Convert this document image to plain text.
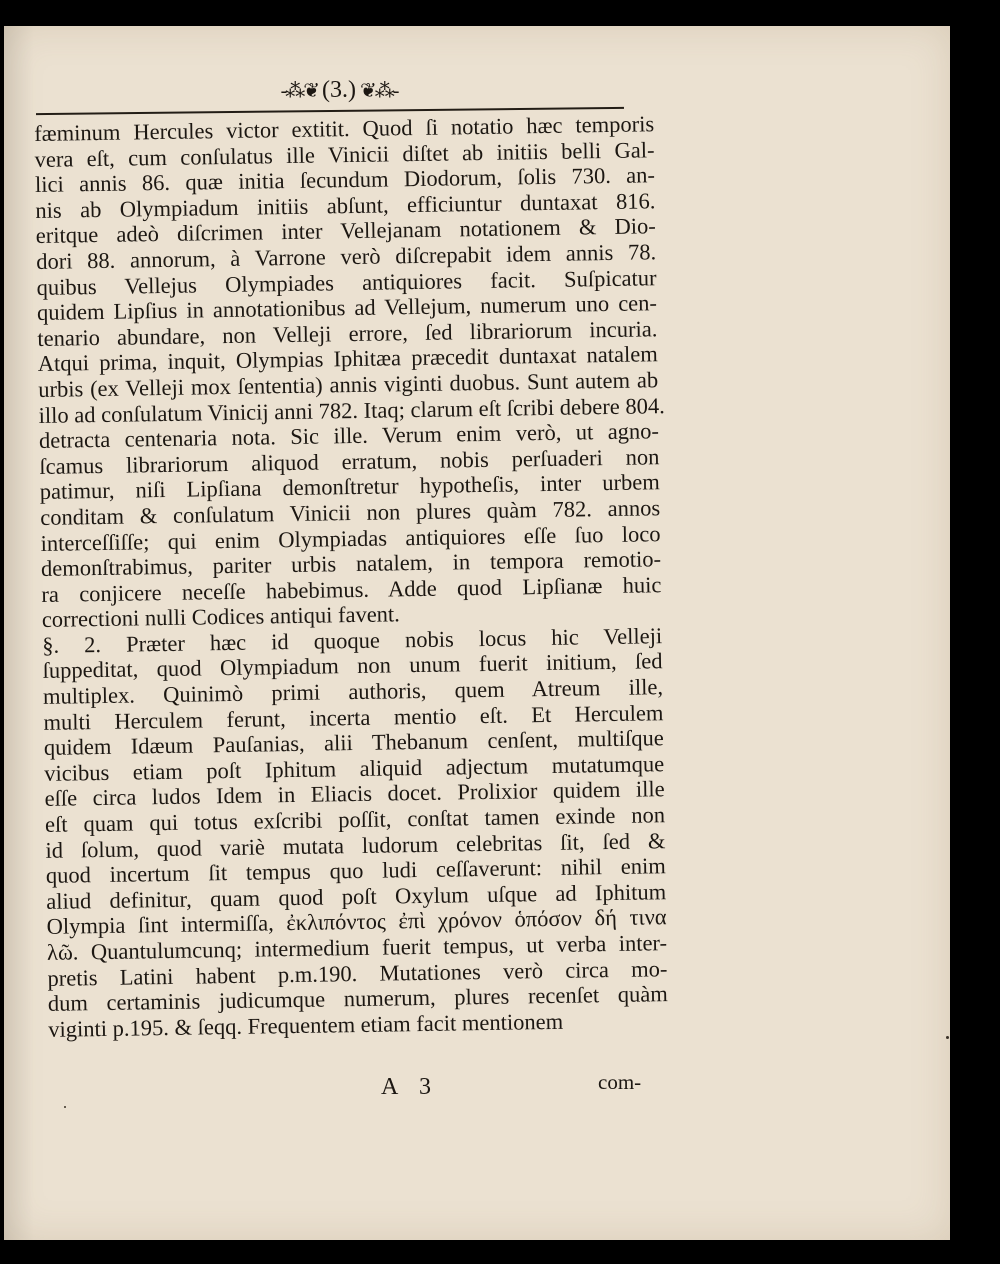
-⁂❦ (3.) ❦⁂-
fæminum Hercules victor extitit. Quod ſi notatio hæc temporis
vera eſt, cum conſulatus ille Vinicii diſtet ab initiis belli Gal-
lici annis 86. quæ initia ſecundum Diodorum, ſolis 730. an-
nis ab Olympiadum initiis abſunt, efficiuntur duntaxat 816.
eritque adeò diſcrimen inter Vellejanam notationem & Dio-
dori 88. annorum, à Varrone verò diſcrepabit idem annis 78.
quibus Vellejus Olympiades antiquiores facit. Suſpicatur
quidem Lipſius in annotationibus ad Vellejum, numerum uno cen-
tenario abundare, non Velleji errore, ſed librariorum incuria.
Atqui prima, inquit, Olympias Iphitæa præcedit duntaxat natalem
urbis (ex Velleji mox ſententia) annis viginti duobus. Sunt autem ab
illo ad conſulatum Vinicij anni 782. Itaq; clarum eſt ſcribi debere 804.
detracta centenaria nota. Sic ille. Verum enim verò, ut agno-
ſcamus librariorum aliquod erratum, nobis perſuaderi non
patimur, niſi Lipſiana demonſtretur hypotheſis, inter urbem
conditam & conſulatum Vinicii non plures quàm 782. annos
interceſſiſſe; qui enim Olympiadas antiquiores eſſe ſuo loco
demonſtrabimus, pariter urbis natalem, in tempora remotio-
ra conjicere neceſſe habebimus. Adde quod Lipſianæ huic
correctioni nulli Codices antiqui favent.
§. 2. Præter hæc id quoque nobis locus hic Velleji
ſuppeditat, quod Olympiadum non unum fuerit initium, ſed
multiplex. Quinimò primi authoris, quem Atreum ille,
multi Herculem ferunt, incerta mentio eſt. Et Herculem
quidem Idæum Pauſanias, alii Thebanum cenſent, multiſque
vicibus etiam poſt Iphitum aliquid adjectum mutatumque
eſſe circa ludos Idem in Eliacis docet. Prolixior quidem ille
eſt quam qui totus exſcribi poſſit, conſtat tamen exinde non
id ſolum, quod variè mutata ludorum celebritas ſit, ſed &
quod incertum ſit tempus quo ludi ceſſaverunt: nihil enim
aliud definitur, quam quod poſt Oxylum uſque ad Iphitum
Olympia ſint intermiſſa, ἐκλιπόντος ἐπὶ χρόνον ὁπόσον δή τινα
λῶ. Quantulumcunq; intermedium fuerit tempus, ut verba inter-
pretis Latini habent p.m.190. Mutationes verò circa mo-
dum certaminis judicumque numerum, plures recenſet quàm
viginti p.195. & ſeqq. Frequentem etiam facit mentionem
A 3	com-
